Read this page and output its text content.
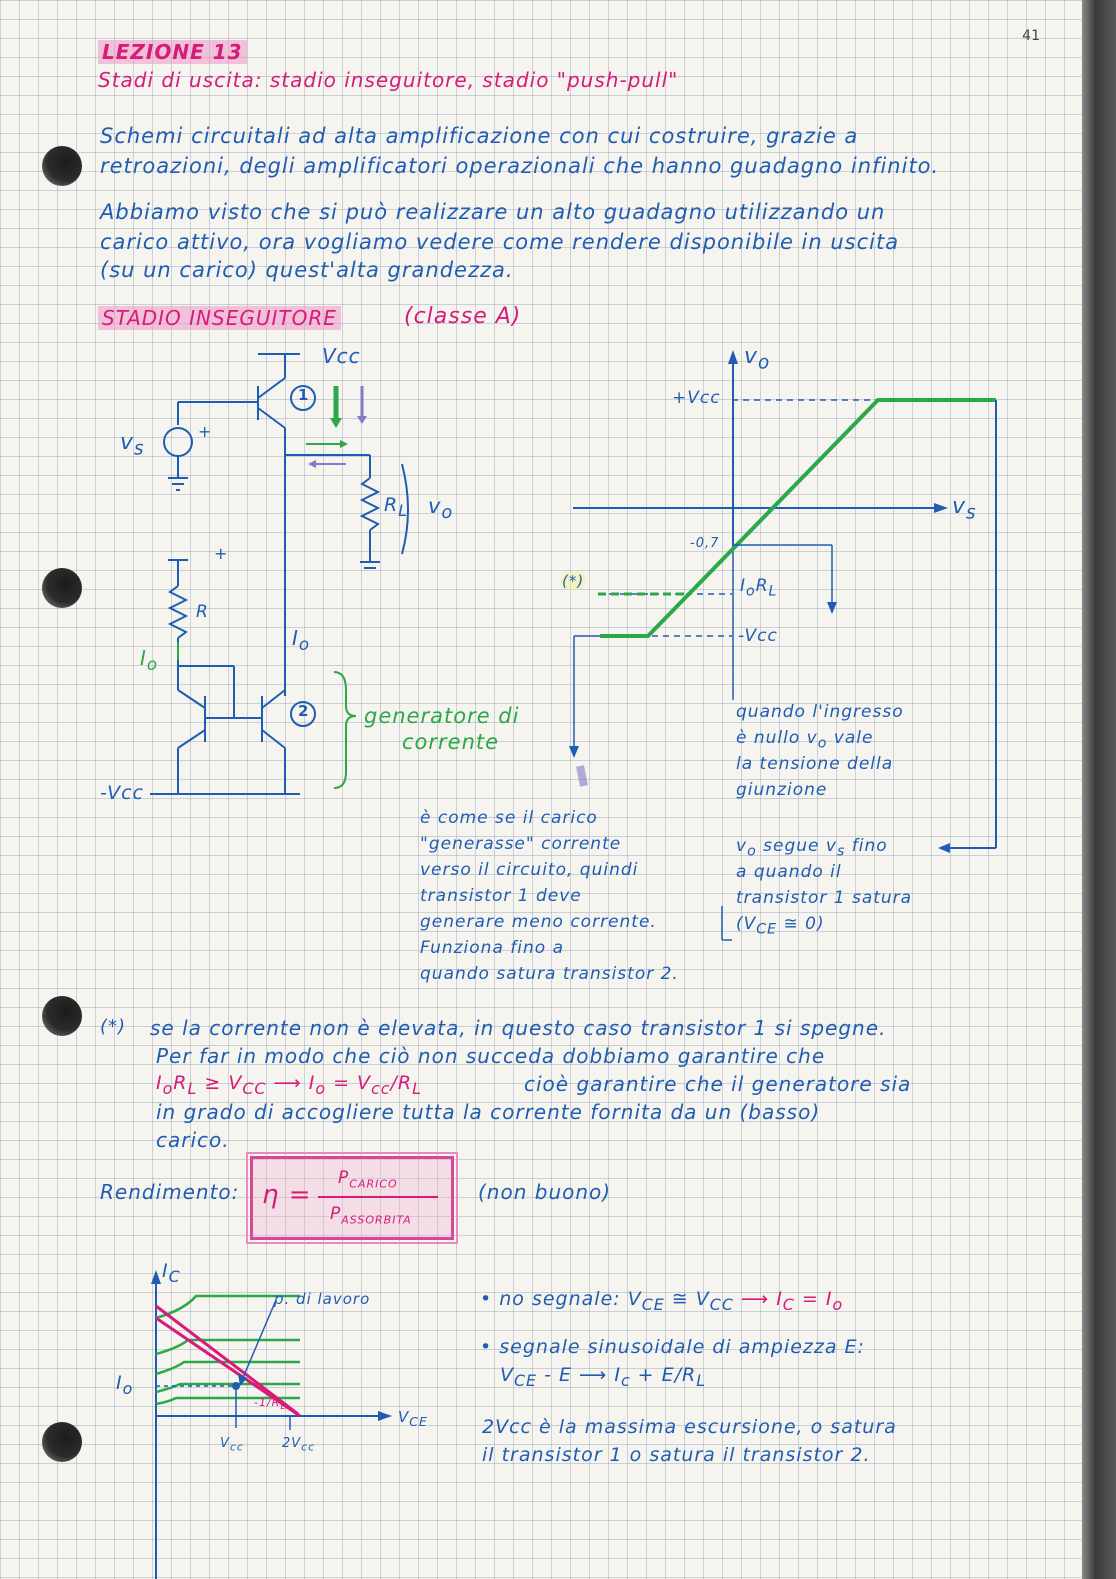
41
LEZIONE 13
Stadi di uscita: stadio inseguitore, stadio "push-pull"
Schemi circuitali ad alta amplificazione con cui costruire, grazie a
retroazioni, degli amplificatori operazionali che hanno guadagno infinito.
Abbiamo visto che si può realizzare un alto guadagno utilizzando un
carico attivo, ora vogliamo vedere come rendere disponibile in uscita
(su un carico) quest'alta grandezza.
STADIO INSEGUITORE	(classe A)
Vcc
$v_s$
+
$R_L$ $v_o$
+
R
$I_o$
$I_o$
1
2
-Vcc
generatore di
corrente
$v_o$
$v_s$
+Vcc
-Vcc
-0,7
$I_oR_L$
(*)
quando l'ingresso
è nullo $v_o$ vale
la tensione della
giunzione
$v_o$ segue $v_s$ fino
a quando il
transistor 1 satura
($V_{CE}$ ≅ 0)
è come se il carico
"generasse" corrente
verso il circuito, quindi
transistor 1 deve
generare meno corrente.
Funziona fino a
quando satura transistor 2.
(*) se la corrente non è elevata, in questo caso transistor 1 si spegne.
Per far in modo che ciò non succeda dobbiamo garantire che
$I_oR_L \ge V_{CC}$ ⟶ $I_o = V_{cc}/R_L$	cioè garantire che il generatore sia
in grado di accogliere tutta la corrente fornita da un (basso)
carico.
Rendimento: η =
$P_{CARICO}$
$P_{ASSORBITA}$
(non buono)
$I_C$
$V_{CE}$
$I_o$
p. di lavoro
$-1/R_L$
$V_{cc}$	$2V_{cc}$
• no segnale: $V_{CE}$ ≅ $V_{CC}$ ⟶ $I_C = I_o$
• segnale sinusoidale di ampiezza E:
$V_{CE}$ - E ⟶ $I_c + E/R_L$
2Vcc è la massima escursione, o satura
il transistor 1 o satura il transistor 2.
